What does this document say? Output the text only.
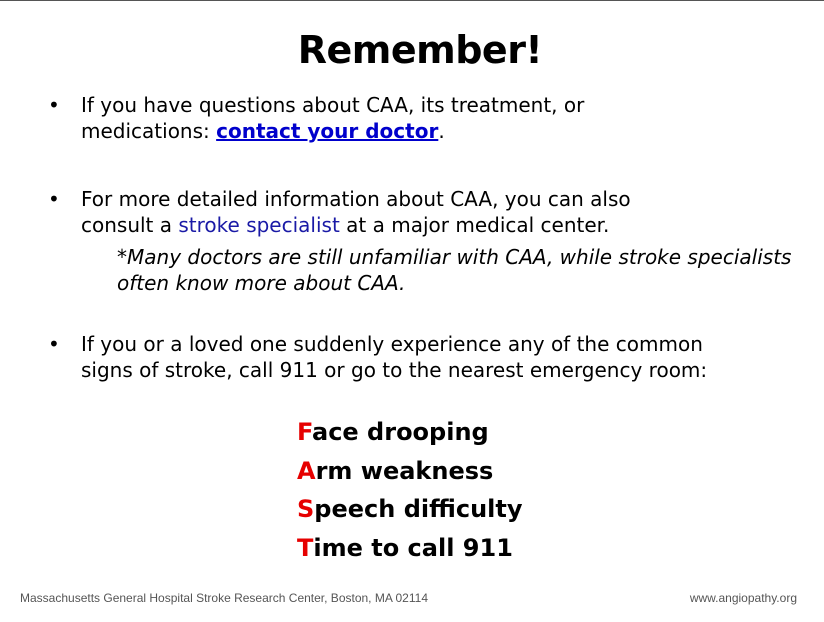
Remember!
• If you have questions about CAA, its treatment, or
medications: contact your doctor.
• For more detailed information about CAA, you can also
consult a stroke specialist at a major medical center.
*Many doctors are still unfamiliar with CAA, while stroke specialists often know more about CAA.
• If you or a loved one suddenly experience any of the common
signs of stroke, call 911 or go to the nearest emergency room:
Face drooping
Arm weakness
Speech difficulty
Time to call 911
Massachusetts General Hospital Stroke Research Center, Boston, MA 02114	www.angiopathy.org
